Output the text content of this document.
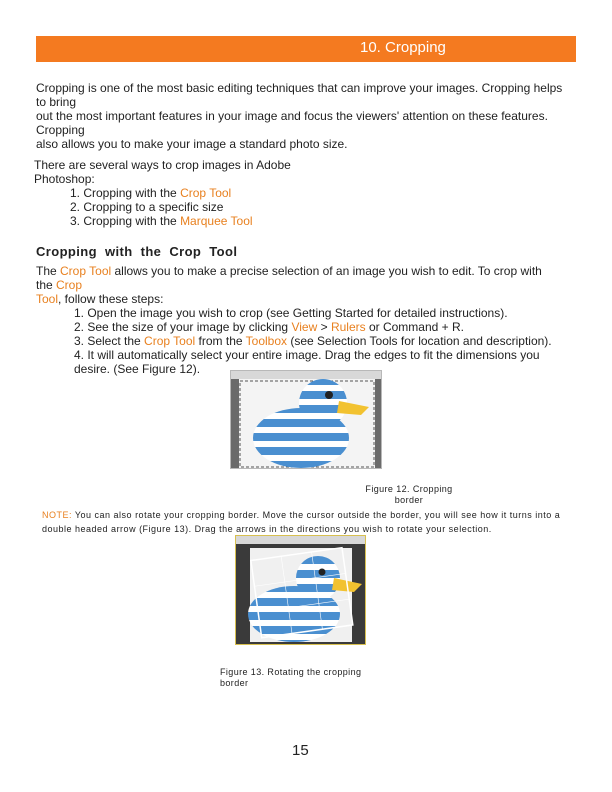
10. Cropping
Cropping is one of the most basic editing techniques that can improve your images. Cropping helps
to bring
out the most important features in your image and focus the viewers' attention on these features.
Cropping
also allows you to make your image a standard photo size.
There are several ways to crop images in Adobe
Photoshop:
1. Cropping with the Crop Tool
2. Cropping to a specific size
3. Cropping with the Marquee Tool
Cropping  with  the  Crop  Tool
The Crop Tool allows you to make a precise selection of an image you wish to edit. To crop with
the Crop
Tool, follow these steps:
1. Open the image you wish to crop (see Getting Started for detailed instructions).
2. See the size of your image by clicking View > Rulers or Command + R.
3. Select the Crop Tool from the Toolbox (see Selection Tools for location and description).
4. It will automatically select your entire image. Drag the edges to fit the dimensions you
desire. (See Figure 12).
Figure 12. Cropping
border
NOTE: You can also rotate your cropping border. Move the cursor outside the border, you will see how it turns into a
double headed arrow (Figure 13). Drag the arrows in the directions you wish to rotate your selection.
Figure 13. Rotating the cropping
border
15
